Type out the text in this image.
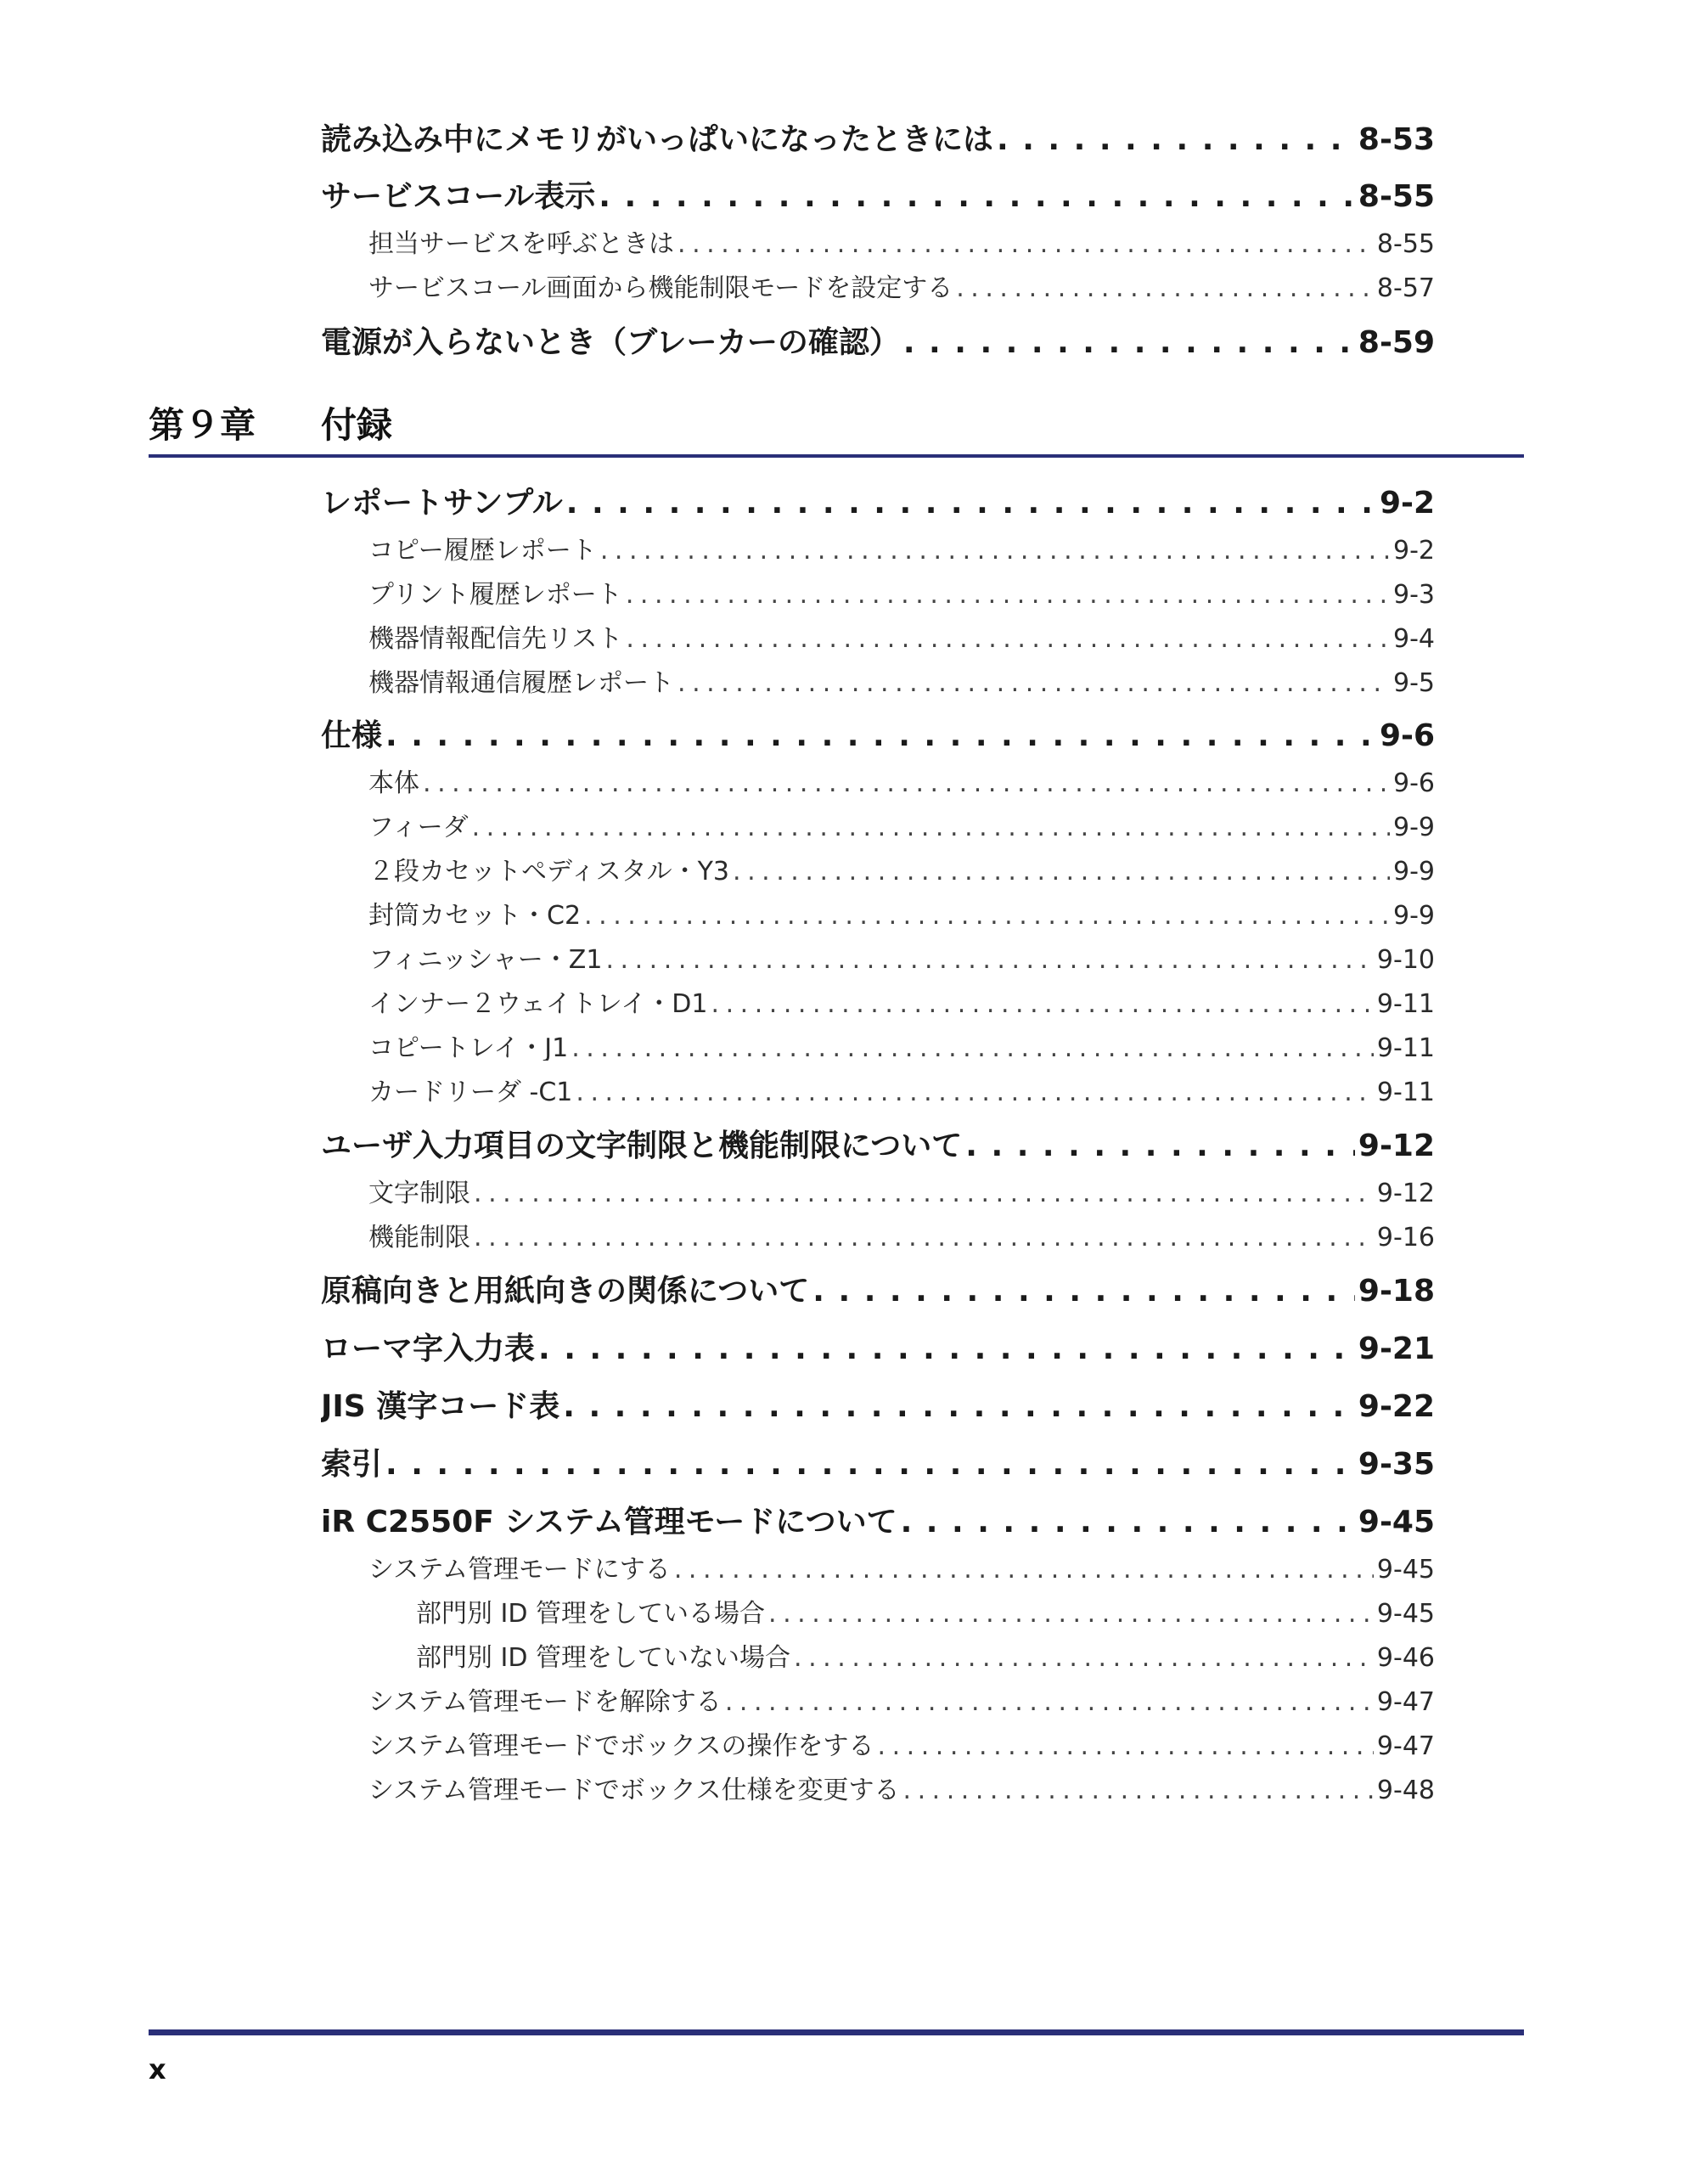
読み込み中にメモリがいっぱいになったときには . . .	8-53
サービスコール表示 . . .	8-55
担当サービスを呼ぶときは . . .	8-55
サービスコール画面から機能制限モードを設定する . . .	8-57
電源が入らないとき（ブレーカーの確認） . . .	8-59
第９章	付録
レポートサンプル . . .	9-2
コピー履歴レポート . . .	9-2
プリント履歴レポート . . .	9-3
機器情報配信先リスト . . .	9-4
機器情報通信履歴レポート . . .	9-5
仕様 . . .	9-6
本体 . . .	9-6
フィーダ . . .	9-9
２段カセットペディスタル・Y3 . . .	9-9
封筒カセット・C2 . . .	9-9
フィニッシャー・Z1 . . .	9-10
インナー２ウェイトレイ・D1 . . .	9-11
コピートレイ・J1 . . .	9-11
カードリーダ -C1 . . .	9-11
ユーザ入力項目の文字制限と機能制限について . . .	9-12
文字制限 . . .	9-12
機能制限 . . .	9-16
原稿向きと用紙向きの関係について . . .	9-18
ローマ字入力表 . . .	9-21
JIS 漢字コード表 . . .	9-22
索引 . . .	9-35
iR C2550F システム管理モードについて . . .	9-45
システム管理モードにする . . .	9-45
部門別 ID 管理をしている場合 . . .	9-45
部門別 ID 管理をしていない場合 . . .	9-46
システム管理モードを解除する . . .	9-47
システム管理モードでボックスの操作をする . . .	9-47
システム管理モードでボックス仕様を変更する . . .	9-48
x
